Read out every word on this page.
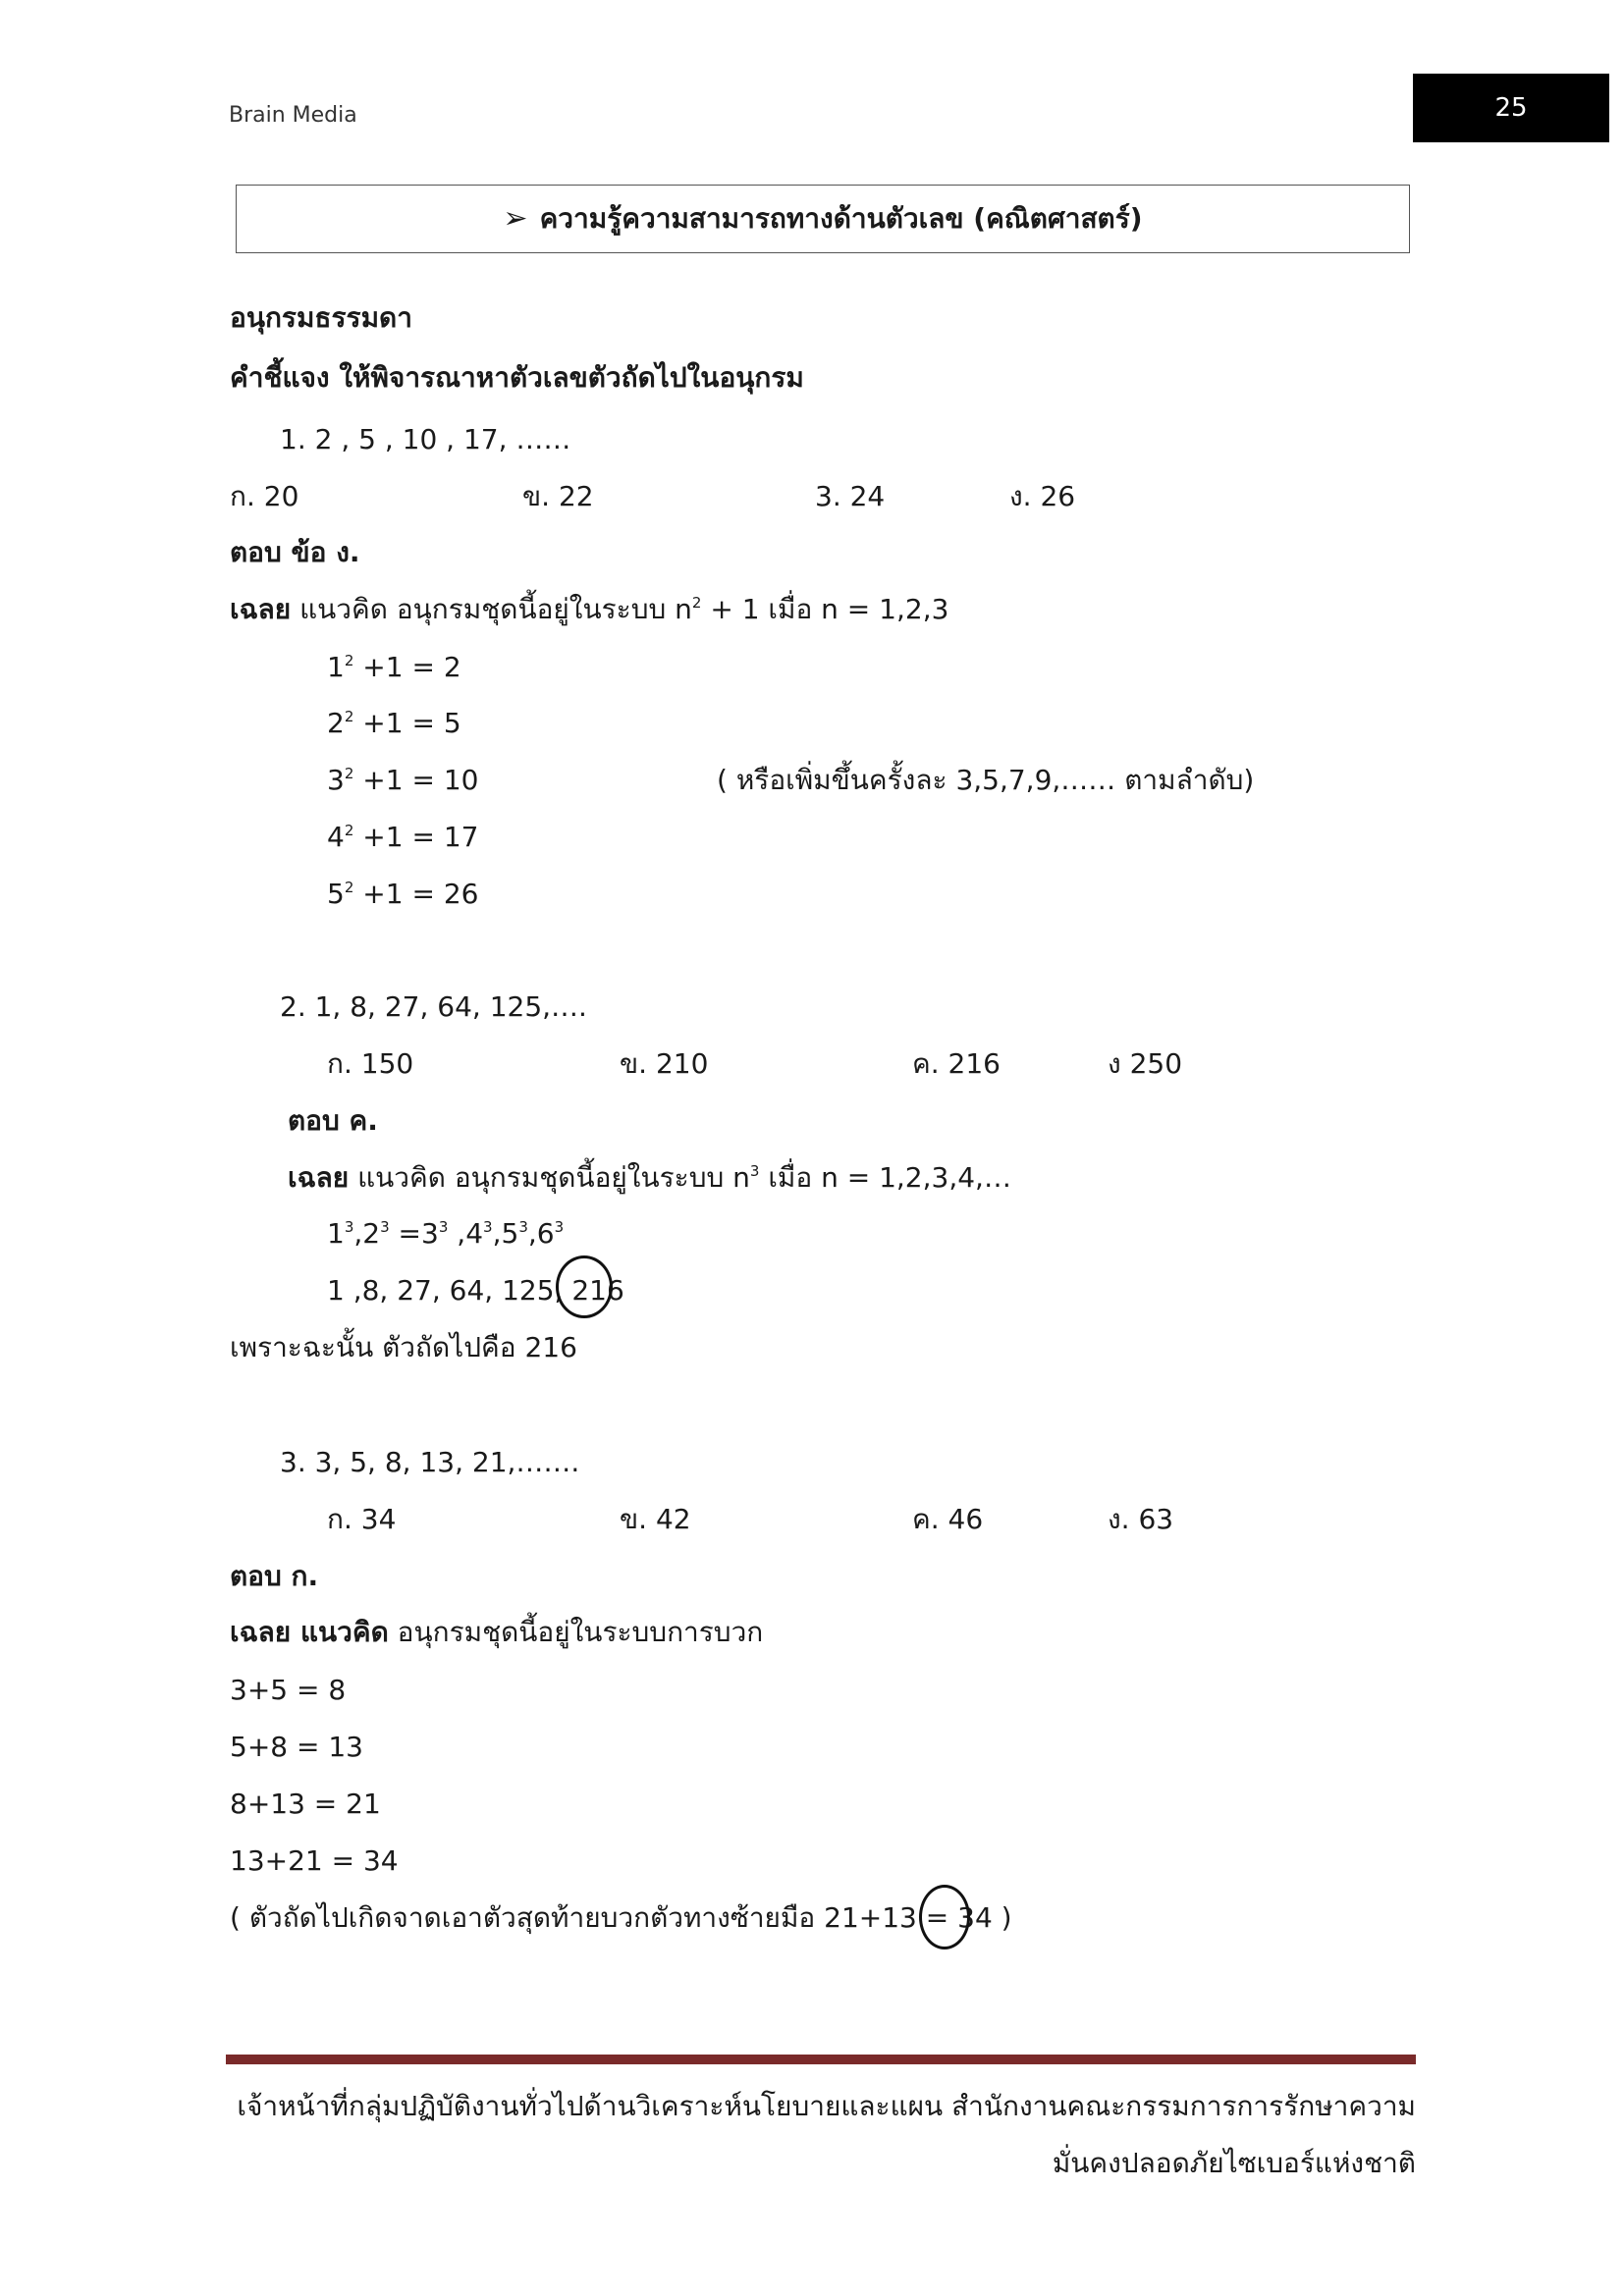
Brain Media	25
➢ ความรู้ความสามารถทางด้านตัวเลข (คณิตศาสตร์)
อนุกรมธรรมดา
คำชี้แจง ให้พิจารณาหาตัวเลขตัวถัดไปในอนุกรม
1. 2 , 5 , 10 , 17, ……
ก. 20	ข. 22	3. 24	ง. 26
ตอบ ข้อ ง.
เฉลย แนวคิด อนุกรมชุดนี้อยู่ในระบบ $n^2 + 1$ เมื่อ n = 1,2,3
$1^2 +1 = 2$
$2^2 +1 = 5$
$3^2 +1 = 10$
$4^2 +1 = 17$
$5^2 +1 = 26$
( หรือเพิ่มขึ้นครั้งละ 3,5,7,9,…… ตามลำดับ)
2. 1, 8, 27, 64, 125,….
ก. 150	ข. 210	ค. 216	ง 250
ตอบ ค.
เฉลย แนวคิด อนุกรมชุดนี้อยู่ในระบบ $n^3$ เมื่อ n = 1,2,3,4,…
$1^3,2^3 =3^3$ $,4^3,5^3,6^3$
1 ,8, 27, 64, 125, 216
เพราะฉะนั้น ตัวถัดไปคือ 216
3. 3, 5, 8, 13, 21,…….
ก. 34	ข. 42	ค. 46	ง. 63
ตอบ ก.
เฉลย แนวคิด อนุกรมชุดนี้อยู่ในระบบการบวก
3+5 = 8
5+8 = 13
8+13 = 21
13+21 = 34
( ตัวถัดไปเกิดจาดเอาตัวสุดท้ายบวกตัวทางซ้ายมือ 21+13 = 34 )
เจ้าหน้าที่กลุ่มปฏิบัติงานทั่วไปด้านวิเคราะห์นโยบายและแผน สำนักงานคณะกรรมการการรักษาความ
มั่นคงปลอดภัยไซเบอร์แห่งชาติ
